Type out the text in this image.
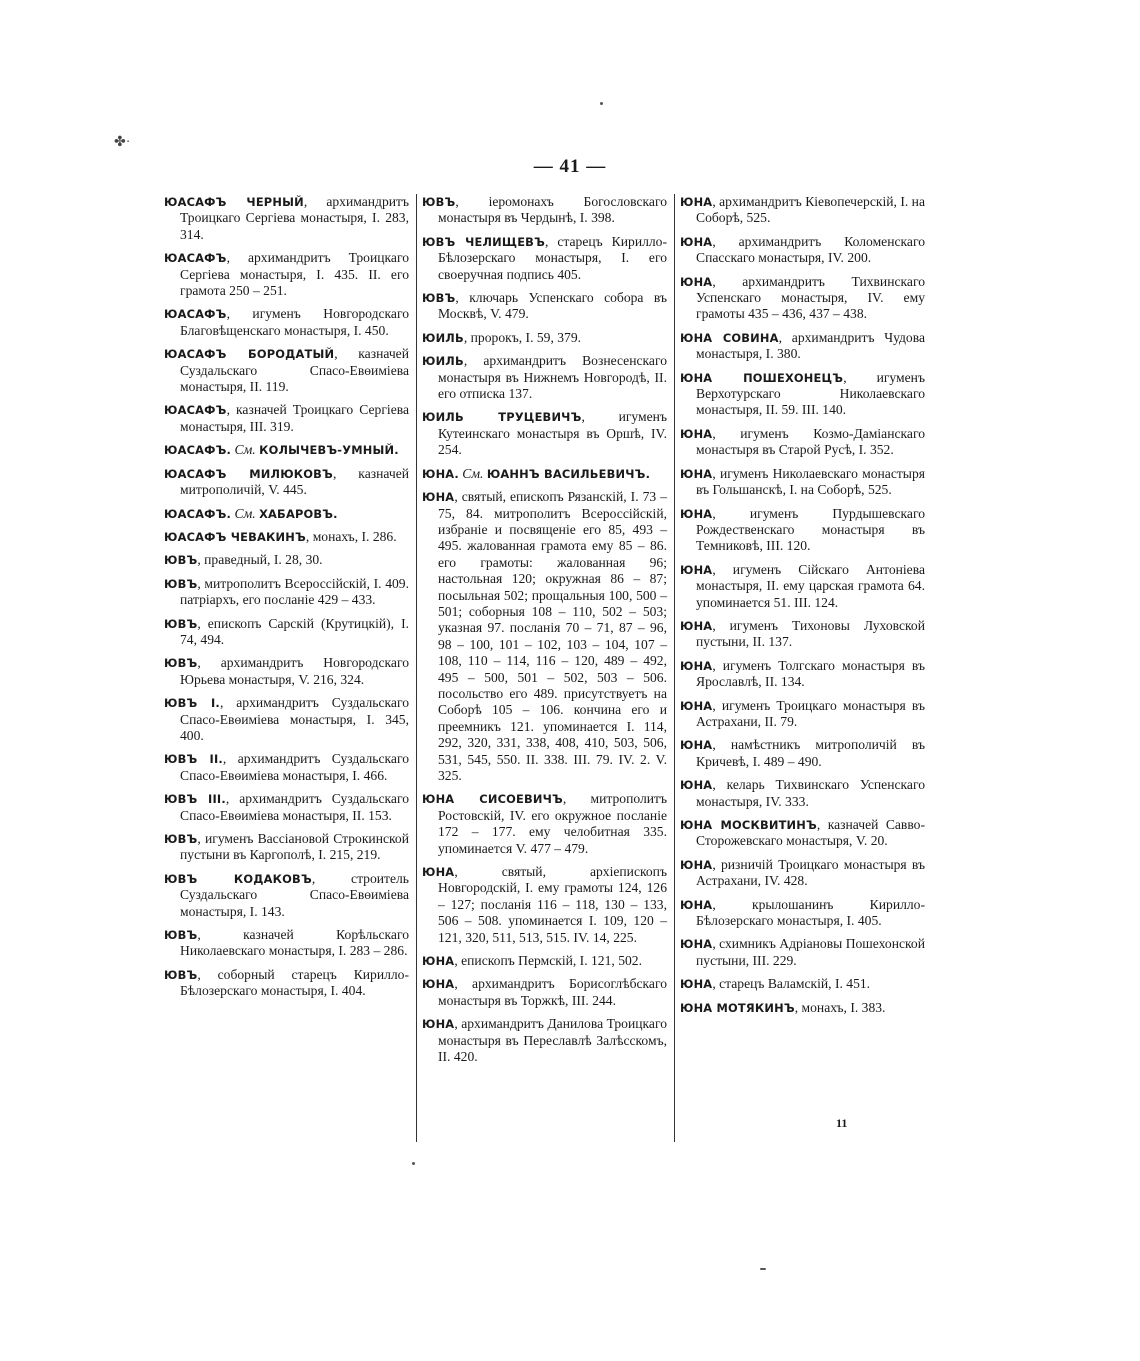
✤·
— 41 —

ЮАСАФЪ ЧЕРНЫЙ, архимандритъ Троицкаго Сергіева монастыря, I. 283, 314.

ЮАСАФЪ, архимандритъ Троицкаго Сергіева монастыря, I. 435. II. его грамота 250 – 251.

ЮАСАФЪ, игуменъ Новгородскаго Благовѣщенскаго монастыря, I. 450.

ЮАСАФЪ БОРОДАТЫЙ, казначей Суздальскаго Спасо-Евѳиміева монастыря, II. 119.

ЮАСАФЪ, казначей Троицкаго Сергіева монастыря, III. 319.

ЮАСАФЪ. См. КОЛЫЧЕВЪ-УМНЫЙ.

ЮАСАФЪ МИЛЮКОВЪ, казначей митрополичій, V. 445.

ЮАСАФЪ. См. ХАБАРОВЪ.

ЮАСАФЪ ЧЕВАКИНЪ, монахъ, I. 286.

ЮВЪ, праведный, I. 28, 30.

ЮВЪ, митрополитъ Всероссійскій, I. 409. патріархъ, его посланіе 429 – 433.

ЮВЪ, епископъ Сарскій (Крутицкій), I. 74, 494.

ЮВЪ, архимандритъ Новгородскаго Юрьева монастыря, V. 216, 324.

ЮВЪ I., архимандритъ Суздальскаго Спасо-Евѳиміева монастыря, I. 345, 400.

ЮВЪ II., архимандритъ Суздальскаго Спасо-Евѳиміева монастыря, I. 466.

ЮВЪ III., архимандритъ Суздальскаго Спасо-Евѳиміева монастыря, II. 153.

ЮВЪ, игуменъ Вассіановой Строкинской пустыни въ Каргополѣ, I. 215, 219.

ЮВЪ КОДАКОВЪ, строитель Суздальскаго Спасо-Евѳиміева монастыря, I. 143.

ЮВЪ, казначей Корѣльскаго Николаевскаго монастыря, I. 283 – 286.

ЮВЪ, соборный старецъ Кирилло-Бѣлозерскаго монастыря, I. 404.

ЮВЪ, іеромонахъ Богословскаго монастыря въ Чердынѣ, I. 398.

ЮВЪ ЧЕЛИЩЕВЪ, старецъ Кирилло-Бѣлозерскаго монастыря, I. его своеручная подпись 405.

ЮВЪ, ключарь Успенскаго собора въ Москвѣ, V. 479.

ЮИЛЬ, пророкъ, I. 59, 379.

ЮИЛЬ, архимандритъ Вознесенскаго монастыря въ Нижнемъ Новгородѣ, II. его отписка 137.

ЮИЛЬ ТРУЦЕВИЧЪ, игуменъ Кутеинскаго монастыря въ Оршѣ, IV. 254.

ЮНА. См. ЮАННЪ ВАСИЛЬЕВИЧЪ.

ЮНА, святый, епископъ Рязанскій, I. 73 – 75, 84. митрополитъ Всероссійскій, избраніе и посвященіе его 85, 493 – 495. жалованная грамота ему 85 – 86. его грамоты: жалованная 96; настольная 120; окружная 86 – 87; посыльная 502; прощальныя 100, 500 – 501; соборныя 108 – 110, 502 – 503; указная 97. посланія 70 – 71, 87 – 96, 98 – 100, 101 – 102, 103 – 104, 107 – 108, 110 – 114, 116 – 120, 489 – 492, 495 – 500, 501 – 502, 503 – 506. посольство его 489. присутствуетъ на Соборѣ 105 – 106. кончина его и преемникъ 121. упоминается I. 114, 292, 320, 331, 338, 408, 410, 503, 506, 531, 545, 550. II. 338. III. 79. IV. 2. V. 325.

ЮНА СИСОЕВИЧЪ, митрополитъ Ростовскій, IV. его окружное посланіе 172 – 177. ему челобитная 335. упоминается V. 477 – 479.

ЮНА, святый, архіепископъ Новгородскій, I. ему грамоты 124, 126 – 127; посланія 116 – 118, 130 – 133, 506 – 508. упоминается I. 109, 120 – 121, 320, 511, 513, 515. IV. 14, 225.

ЮНА, епископъ Пермскій, I. 121, 502.

ЮНА, архимандритъ Борисоглѣбскаго монастыря въ Торжкѣ, III. 244.

ЮНА, архимандритъ Данилова Троицкаго монастыря въ Переславлѣ Залѣсскомъ, II. 420.

ЮНА, архимандритъ Кіевопечерскій, I. на Соборѣ, 525.

ЮНА, архимандритъ Коломенскаго Спасскаго монастыря, IV. 200.

ЮНА, архимандритъ Тихвинскаго Успенскаго монастыря, IV. ему грамоты 435 – 436, 437 – 438.

ЮНА СОВИНА, архимандритъ Чудова монастыря, I. 380.

ЮНА ПОШЕХОНЕЦЪ, игуменъ Верхотурскаго Николаевскаго монастыря, II. 59. III. 140.

ЮНА, игуменъ Козмо-Даміанскаго монастыря въ Старой Русѣ, I. 352.

ЮНА, игуменъ Николаевскаго монастыря въ Гольшанскѣ, I. на Соборѣ, 525.

ЮНА, игуменъ Пурдышевскаго Рождественскаго монастыря въ Темниковѣ, III. 120.

ЮНА, игуменъ Сійскаго Антоніева монастыря, II. ему царская грамота 64. упоминается 51. III. 124.

ЮНА, игуменъ Тихоновы Луховской пустыни, II. 137.

ЮНА, игуменъ Толгскаго монастыря въ Ярославлѣ, II. 134.

ЮНА, игуменъ Троицкаго монастыря въ Астрахани, II. 79.

ЮНА, намѣстникъ митрополичій въ Кричевѣ, I. 489 – 490.

ЮНА, келарь Тихвинскаго Успенскаго монастыря, IV. 333.

ЮНА МОСКВИТИНЪ, казначей Савво-Сторожевскаго монастыря, V. 20.

ЮНА, ризничій Троицкаго монастыря въ Астрахани, IV. 428.

ЮНА, крылошанинъ Кирилло-Бѣлозерскаго монастыря, I. 405.

ЮНА, схимникъ Адріановы Пошехонской пустыни, III. 229.

ЮНА, старецъ Валамскій, I. 451.

ЮНА МОТЯКИНЪ, монахъ, I. 383.

11
